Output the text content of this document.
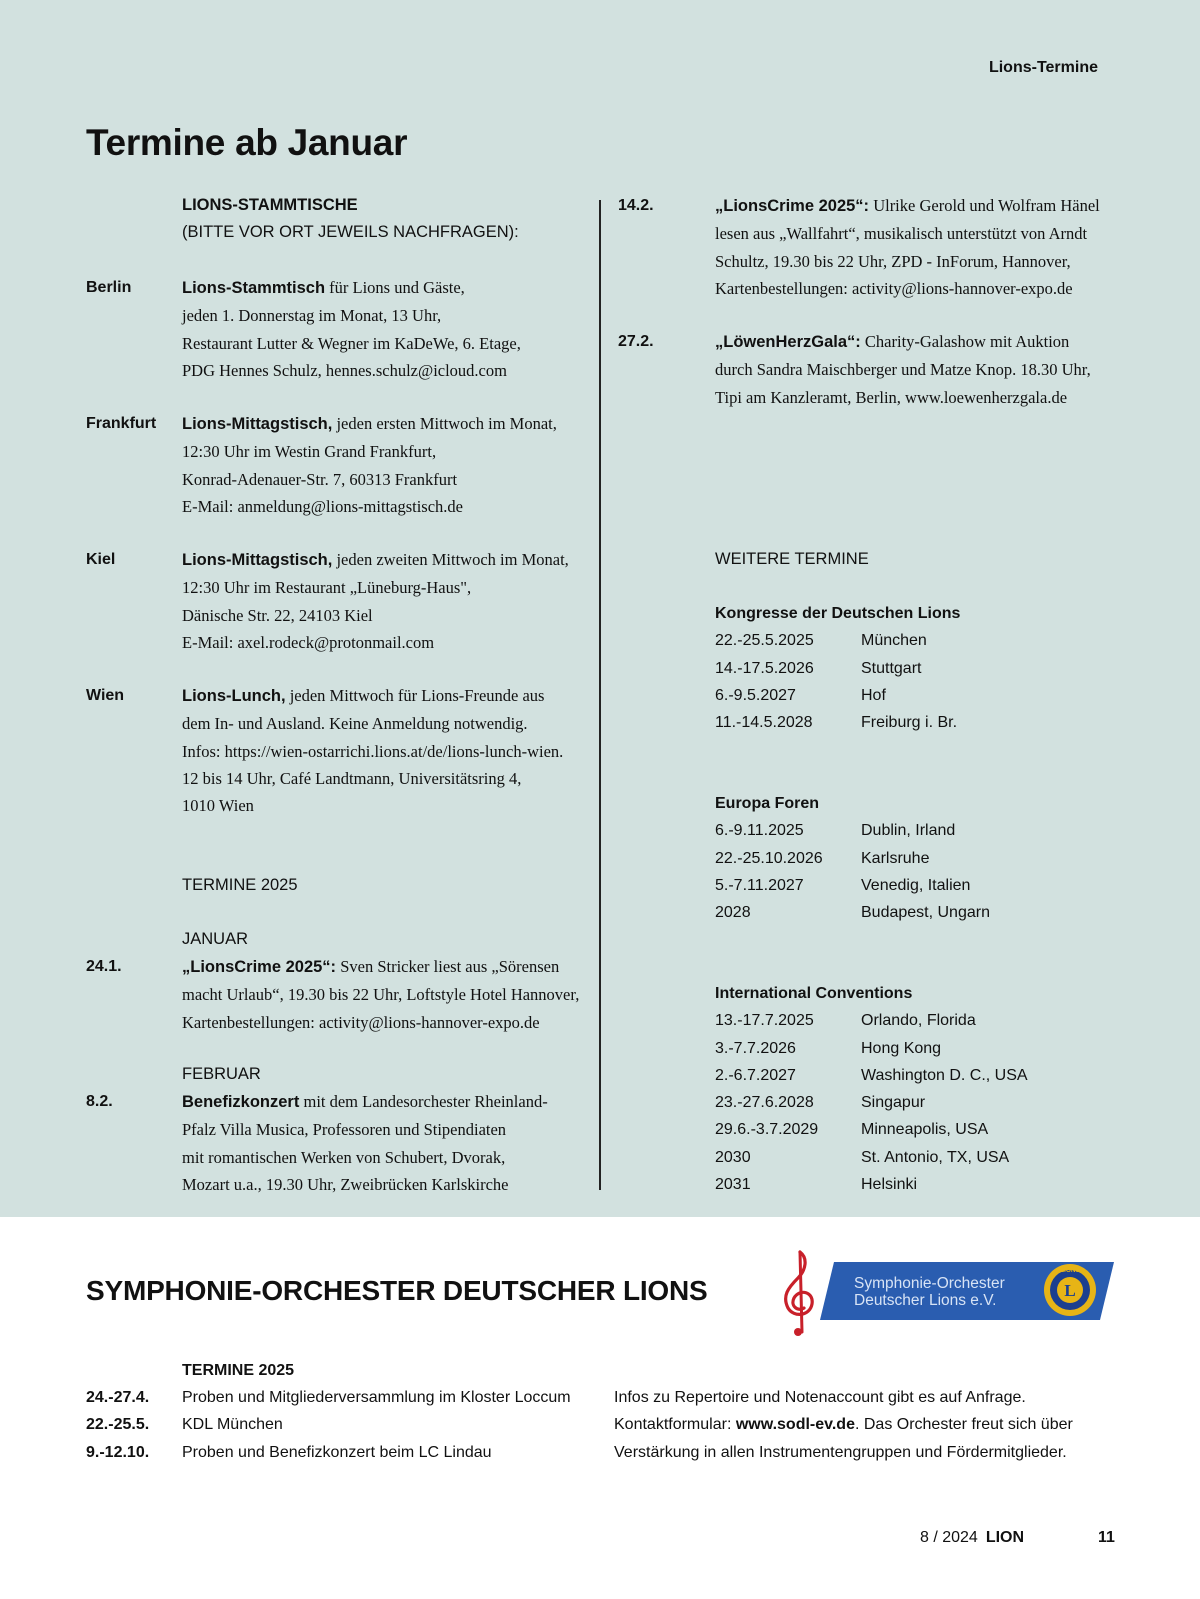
Lions-Termine
Termine ab Januar
LIONS-STAMMTISCHE
(BITTE VOR ORT JEWEILS NACHFRAGEN):
Berlin	Lions-Stammtisch für Lions und Gäste,
jeden 1. Donnerstag im Monat, 13 Uhr,
Restaurant Lutter & Wegner im KaDeWe, 6. Etage,
PDG Hennes Schulz, hennes.schulz@icloud.com
Frankfurt Lions-Mittagstisch, jeden ersten Mittwoch im Monat,
12:30 Uhr im Westin Grand Frankfurt,
Konrad-Adenauer-Str. 7, 60313 Frankfurt
E-Mail: anmeldung@lions-mittagstisch.de
Kiel	Lions-Mittagstisch, jeden zweiten Mittwoch im Monat,
12:30 Uhr im Restaurant „Lüneburg-Haus",
Dänische Str. 22, 24103 Kiel
E-Mail: axel.rodeck@protonmail.com
Wien	Lions-Lunch, jeden Mittwoch für Lions-Freunde aus
dem In- und Ausland. Keine Anmeldung notwendig.
Infos: https://wien-ostarrichi.lions.at/de/lions-lunch-wien.
12 bis 14 Uhr, Café Landtmann, Universitätsring 4,
1010 Wien
TERMINE 2025
JANUAR
24.1.	„LionsCrime 2025“: Sven Stricker liest aus „Sörensen
macht Urlaub“, 19.30 bis 22 Uhr, Loftstyle Hotel Hannover,
Kartenbestellungen: activity@lions-hannover-expo.de
FEBRUAR
8.2.	Benefizkonzert mit dem Landesorchester Rheinland-
Pfalz Villa Musica, Professoren und Stipendiaten
mit romantischen Werken von Schubert, Dvorak,
Mozart u.a., 19.30 Uhr, Zweibrücken Karlskirche
14.2.	„LionsCrime 2025“: Ulrike Gerold und Wolfram Hänel
lesen aus „Wallfahrt“, musikalisch unterstützt von Arndt
Schultz, 19.30 bis 22 Uhr, ZPD - InForum, Hannover,
Kartenbestellungen: activity@lions-hannover-expo.de
27.2.	„LöwenHerzGala“: Charity-Galashow mit Auktion
durch Sandra Maischberger und Matze Knop. 18.30 Uhr,
Tipi am Kanzleramt, Berlin, www.loewenherzgala.de
WEITERE TERMINE
Kongresse der Deutschen Lions
22.-25.5.2025	München
14.-17.5.2026	Stuttgart
6.-9.5.2027	Hof
11.-14.5.2028	Freiburg i. Br.
Europa Foren
6.-9.11.2025	Dublin, Irland
22.-25.10.2026	Karlsruhe
5.-7.11.2027	Venedig, Italien
2028	Budapest, Ungarn
International Conventions
13.-17.7.2025	Orlando, Florida
3.-7.7.2026	Hong Kong
2.-6.7.2027	Washington D. C., USA
23.-27.6.2028	Singapur
29.6.-3.7.2029	Minneapolis, USA
2030	St. Antonio, TX, USA
2031	Helsinki
SYMPHONIE-ORCHESTER DEUTSCHER LIONS	Symphonie-Orchester
Deutscher Lions e.V.
L
LIONS
TERMINE 2025
24.-27.4.	Proben und Mitgliederversammlung im Kloster Loccum
22.-25.5.	KDL München
9.-12.10.	Proben und Benefizkonzert beim LC Lindau
Infos zu Repertoire und Notenaccount gibt es auf Anfrage.
Kontaktformular: www.sodl-ev.de. Das Orchester freut sich über
Verstärkung in allen Instrumentengruppen und Fördermitglieder.
8 / 2024 LION	11
